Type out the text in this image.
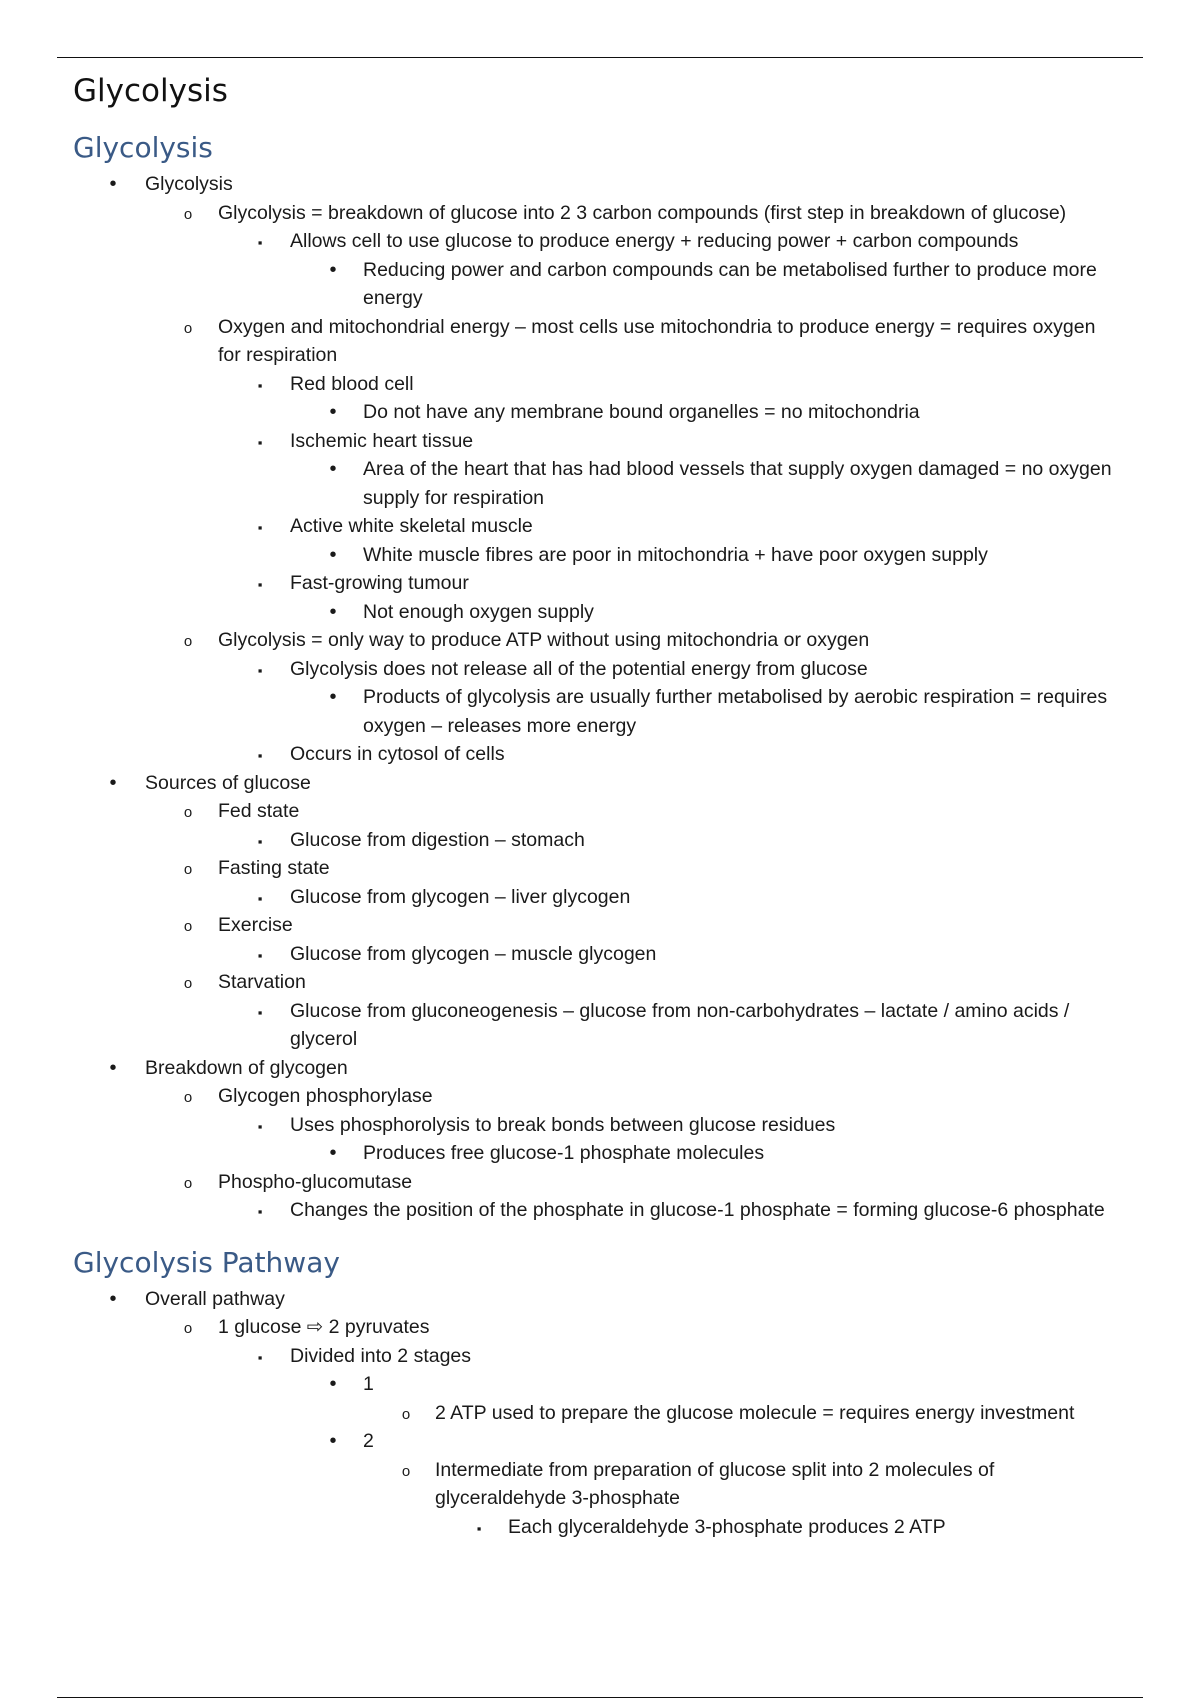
Glycolysis
Glycolysis
•
Glycolysis
o
Glycolysis = breakdown of glucose into 2 3 carbon compounds (first step in breakdown of glucose)
▪
Allows cell to use glucose to produce energy + reducing power + carbon compounds
•
Reducing power and carbon compounds can be metabolised further to produce more energy
o
Oxygen and mitochondrial energy – most cells use mitochondria to produce energy = requires oxygen for respiration
▪
Red blood cell
•
Do not have any membrane bound organelles = no mitochondria
▪
Ischemic heart tissue
•
Area of the heart that has had blood vessels that supply oxygen damaged = no oxygen supply for respiration
▪
Active white skeletal muscle
•
White muscle fibres are poor in mitochondria + have poor oxygen supply
▪
Fast-growing tumour
•
Not enough oxygen supply
o
Glycolysis = only way to produce ATP without using mitochondria or oxygen
▪
Glycolysis does not release all of the potential energy from glucose
•
Products of glycolysis are usually further metabolised by aerobic respiration = requires oxygen – releases more energy
▪
Occurs in cytosol of cells
•
Sources of glucose
o
Fed state
▪
Glucose from digestion – stomach
o
Fasting state
▪
Glucose from glycogen – liver glycogen
o
Exercise
▪
Glucose from glycogen – muscle glycogen
o
Starvation
▪
Glucose from gluconeogenesis – glucose from non-carbohydrates – lactate / amino acids / glycerol
•
Breakdown of glycogen
o
Glycogen phosphorylase
▪
Uses phosphorolysis to break bonds between glucose residues
•
Produces free glucose-1 phosphate molecules
o
Phospho-glucomutase
▪
Changes the position of the phosphate in glucose-1 phosphate = forming glucose-6 phosphate
Glycolysis Pathway
•
Overall pathway
o
1 glucose ⇨ 2 pyruvates
▪
Divided into 2 stages
•
1
o
2 ATP used to prepare the glucose molecule = requires energy investment
•
2
o
Intermediate from preparation of glucose split into 2 molecules of glyceraldehyde 3-phosphate
▪
Each glyceraldehyde 3-phosphate produces 2 ATP
